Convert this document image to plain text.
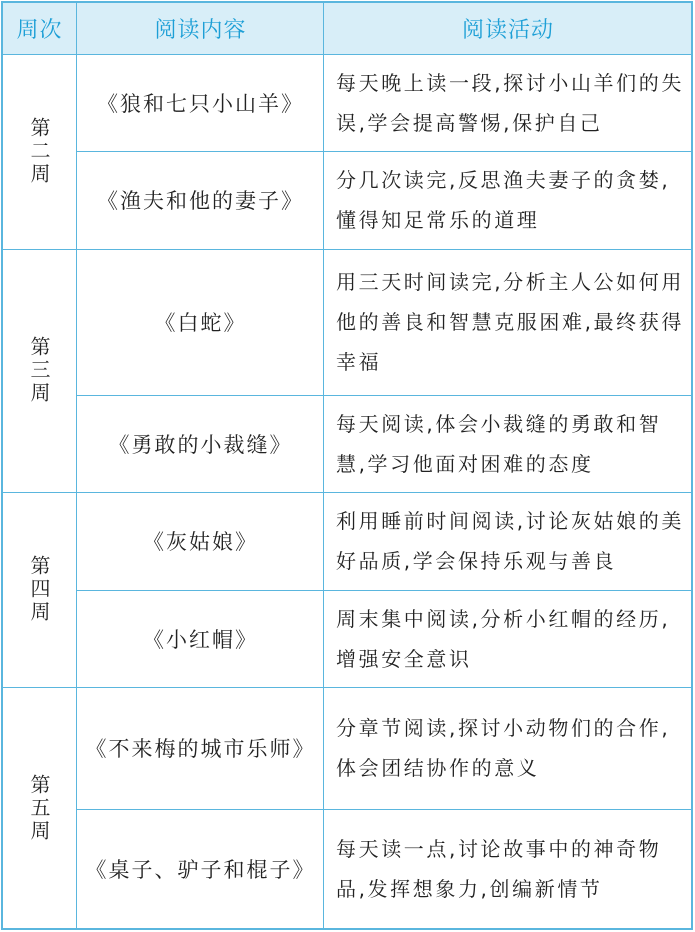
周次	阅读内容	阅读活动
第二周
第三周
第四周
第五周
《狼和七只小山羊》
《渔夫和他的妻子》
《白蛇》
《勇敢的小裁缝》
《灰姑娘》
《小红帽》
《不来梅的城市乐师》
《桌子、驴子和棍子》
每天晚上读一段,探讨小山羊们的失误,学会提高警惕,保护自己
分几次读完,反思渔夫妻子的贪婪,懂得知足常乐的道理
用三天时间读完,分析主人公如何用他的善良和智慧克服困难,最终获得幸福
每天阅读,体会小裁缝的勇敢和智慧,学习他面对困难的态度
利用睡前时间阅读,讨论灰姑娘的美好品质,学会保持乐观与善良
周末集中阅读,分析小红帽的经历,增强安全意识
分章节阅读,探讨小动物们的合作,体会团结协作的意义
每天读一点,讨论故事中的神奇物品,发挥想象力,创编新情节
